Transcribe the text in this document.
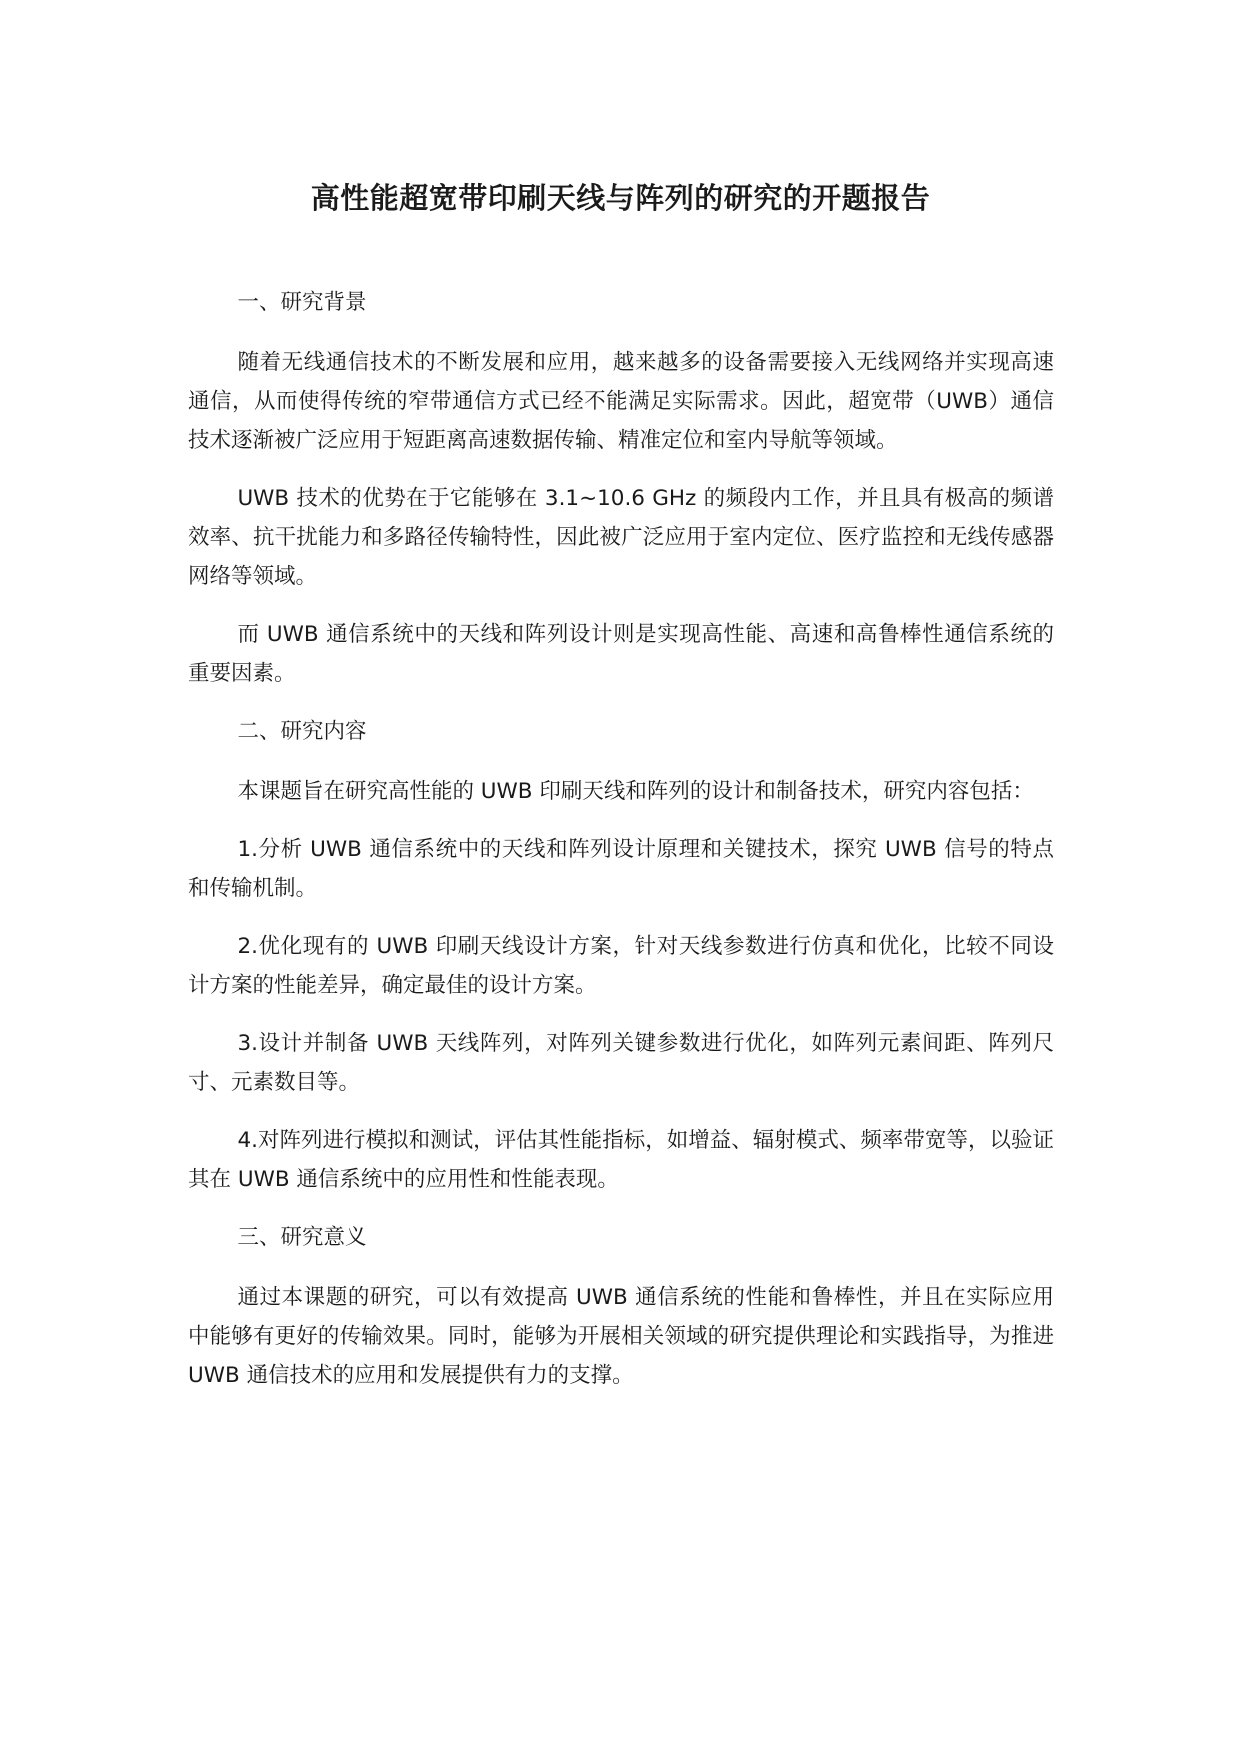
高性能超宽带印刷天线与阵列的研究的开题报告

一、研究背景

随着无线通信技术的不断发展和应用，越来越多的设备需要接入无线网络并实现高速通信，从而使得传统的窄带通信方式已经不能满足实际需求。因此，超宽带（UWB）通信技术逐渐被广泛应用于短距离高速数据传输、精准定位和室内导航等领域。

UWB 技术的优势在于它能够在 3.1~10.6 GHz 的频段内工作，并且具有极高的频谱效率、抗干扰能力和多路径传输特性，因此被广泛应用于室内定位、医疗监控和无线传感器网络等领域。

而 UWB 通信系统中的天线和阵列设计则是实现高性能、高速和高鲁棒性通信系统的重要因素。

二、研究内容

本课题旨在研究高性能的 UWB 印刷天线和阵列的设计和制备技术，研究内容包括：

1.分析 UWB 通信系统中的天线和阵列设计原理和关键技术，探究 UWB 信号的特点和传输机制。

2.优化现有的 UWB 印刷天线设计方案，针对天线参数进行仿真和优化，比较不同设计方案的性能差异，确定最佳的设计方案。

3.设计并制备 UWB 天线阵列，对阵列关键参数进行优化，如阵列元素间距、阵列尺寸、元素数目等。

4.对阵列进行模拟和测试，评估其性能指标，如增益、辐射模式、频率带宽等，以验证其在 UWB 通信系统中的应用性和性能表现。

三、研究意义

通过本课题的研究，可以有效提高 UWB 通信系统的性能和鲁棒性，并且在实际应用中能够有更好的传输效果。同时，能够为开展相关领域的研究提供理论和实践指导，为推进 UWB 通信技术的应用和发展提供有力的支撑。
